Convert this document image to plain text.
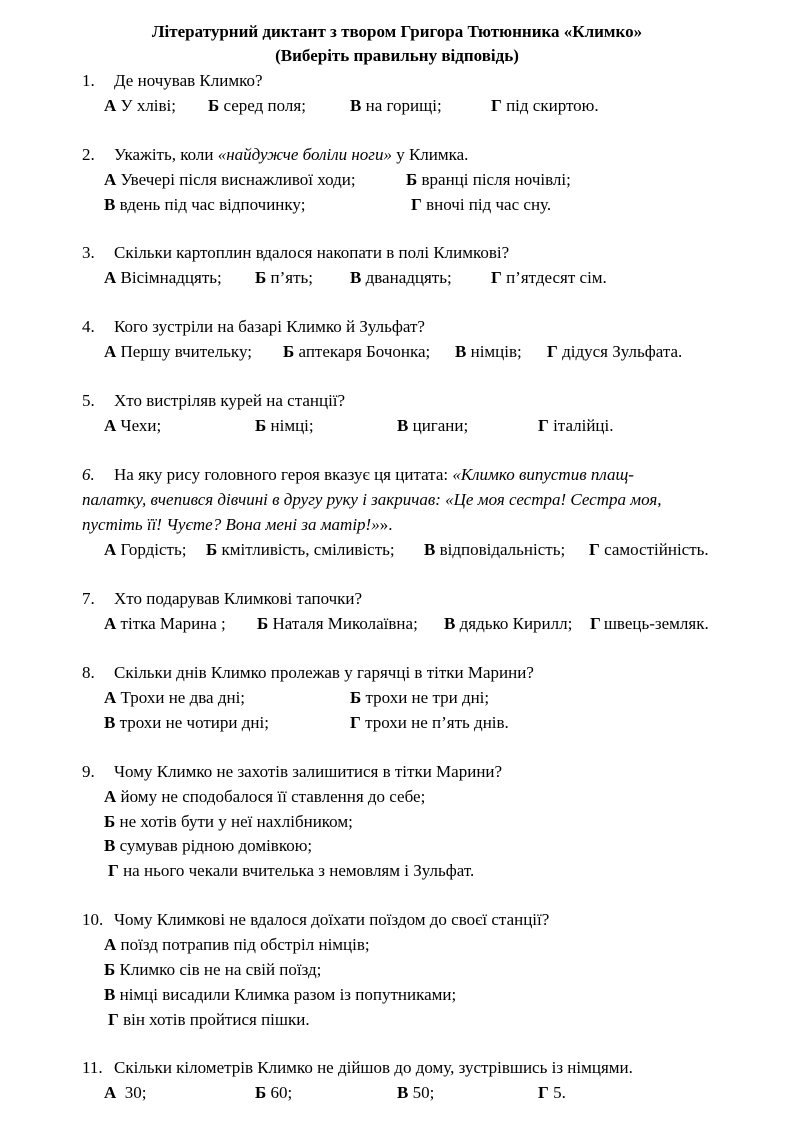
Літературний диктант з твором Григора Тютюнника «Климко»
(Виберіть правильну відповідь)
1. Де ночував Климко?
А У хліві; Б серед поля;	В на горищі;	Г під скиртою.
2. Укажіть, коли «найдужче боліли ноги» у Климка.
А Увечері після виснажливої ходи;	Б вранці після ночівлі;
В вдень під час відпочинку;	Г вночі під час сну.
3. Скільки картоплин вдалося накопати в полі Климкові?
А Вісімнадцять; Б п’ять; В дванадцять; Г п’ятдесят сім.
4. Кого зустріли на базарі Климко й Зульфат?
А Першу вчительку; Б аптекаря Бочонка; В німців; Г дідуся Зульфата.
5. Хто вистріляв курей на станції?
А Чехи;	Б німці;	В цигани;	Г італійці.
6. На яку рису головного героя вказує ця цитата: «Климко випустив плащ-
палатку, вчепився дівчині в другу руку і закричав: «Це моя сестра! Сестра моя,
пустіть її! Чуєте? Вона мені за матір!»».
А Гордість; Б кмітливість, сміливість; В відповідальність; Г самостійність.
7. Хто подарував Климкові тапочки?
А тітка Марина ; Б Наталя Миколаївна; В дядько Кирилл; Г швець-земляк.
8. Скільки днів Климко пролежав у гарячці в тітки Марини?
А Трохи не два дні;	Б трохи не три дні;
В трохи не чотири дні;	Г трохи не п’ять днів.
9. Чому Климко не захотів залишитися в тітки Марини?
А йому не сподобалося її ставлення до себе;
Б не хотів бути у неї нахлібником;
В сумував рідною домівкою;
Г на нього чекали вчителька з немовлям і Зульфат.
10. Чому Климкові не вдалося доїхати поїздом до своєї станції?
А поїзд потрапив під обстріл німців;
Б Климко сів не на свій поїзд;
В німці висадили Климка разом із попутниками;
Г він хотів пройтися пішки.
11. Скільки кілометрів Климко не дійшов до дому, зустрівшись із німцями.
А 30;	Б 60;	В 50;	Г 5.
